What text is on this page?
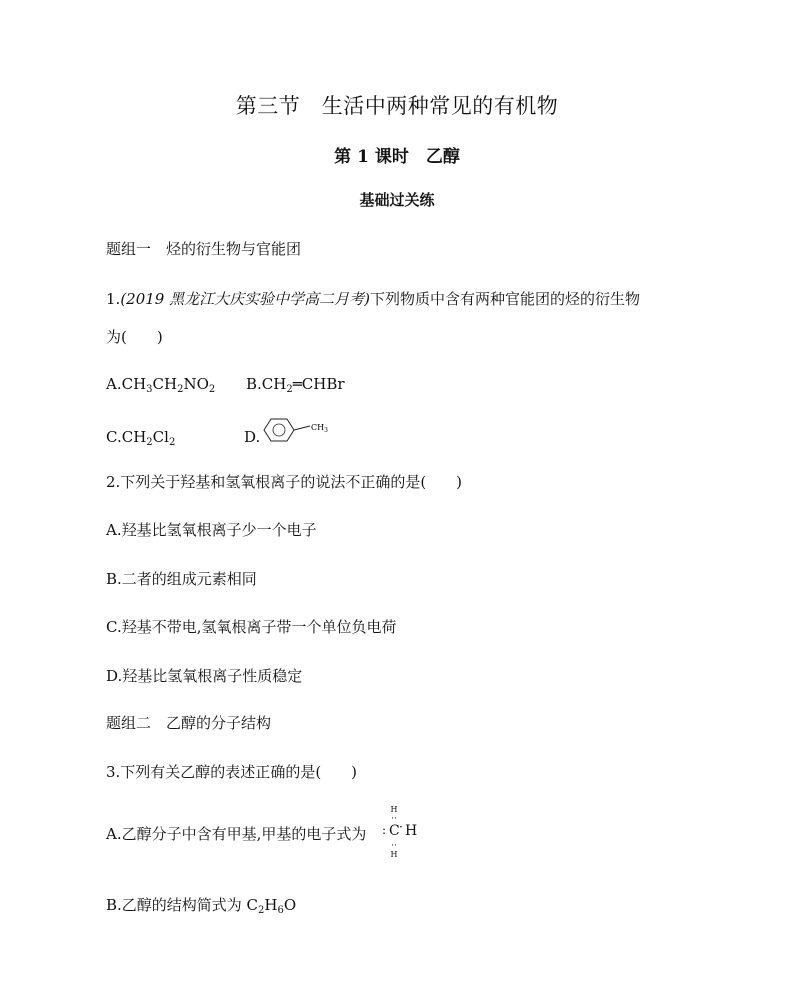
第三节　生活中两种常见的有机物
第 1 课时　乙醇
基础过关练
题组一　烃的衍生物与官能团
1.(2019 黑龙江大庆实验中学高二月考)下列物质中含有两种官能团的烃的衍生物
为(　　)
$A.CH_3CH_2NO_2$ $B.CH_2═CHBr$
$C.CH_2Cl_2$	D.
$CH_3$
2.下列关于羟基和氢氧根离子的说法不正确的是(　　)
A.羟基比氢氧根离子少一个电子
B.二者的组成元素相同
C.羟基不带电,氢氧根离子带一个单位负电荷
D.羟基比氢氧根离子性质稳定
题组二　乙醇的分子结构
3.下列有关乙醇的表述正确的是(　　)
A.乙醇分子中含有甲基,甲基的电子式为
H
··
C
: · H
··
H
B.乙醇的结构简式为 $C_2H_6O$
